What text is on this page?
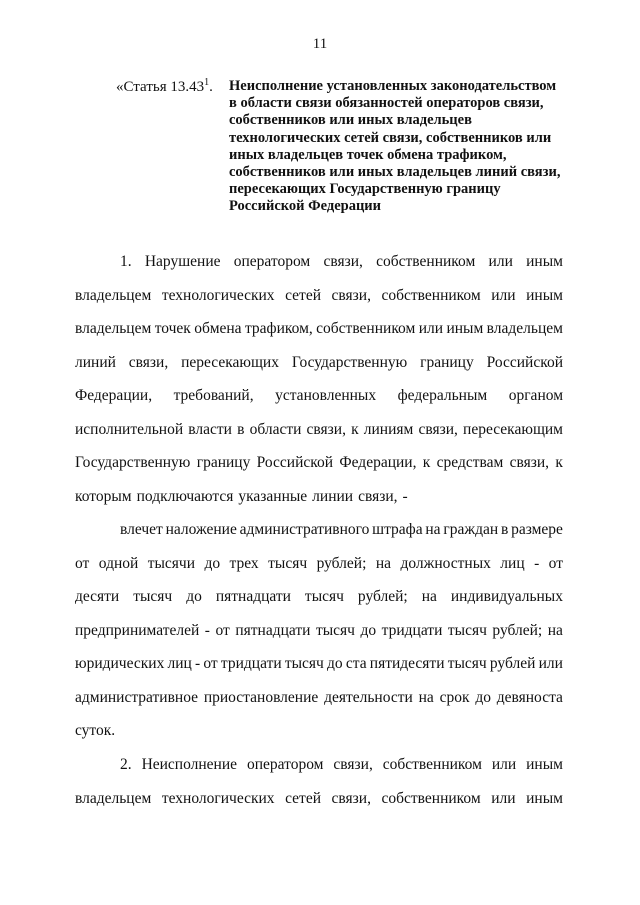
11
«Статья 13.43$^1$. Неисполнение установленных законодательством в области связи обязанностей операторов связи, собственников или иных владельцев технологических сетей связи, собственников или иных владельцев точек обмена трафиком, собственников или иных владельцев линий связи, пересекающих Государственную границу Российской Федерации
1. Нарушение оператором связи, собственником или иным
владельцем технологических сетей связи, собственником или иным
владельцем точек обмена трафиком, собственником или иным владельцем
линий связи, пересекающих Государственную границу Российской
Федерации, требований, установленных федеральным органом
исполнительной власти в области связи, к линиям связи, пересекающим
Государственную границу Российской Федерации, к средствам связи, к
которым подключаются указанные линии связи, -
влечет наложение административного штрафа на граждан в размере
от одной тысячи до трех тысяч рублей; на должностных лиц - от
десяти тысяч до пятнадцати тысяч рублей; на индивидуальных
предпринимателей - от пятнадцати тысяч до тридцати тысяч рублей; на
юридических лиц - от тридцати тысяч до ста пятидесяти тысяч рублей или
административное приостановление деятельности на срок до девяноста
суток.
2. Неисполнение оператором связи, собственником или иным
владельцем технологических сетей связи, собственником или иным
